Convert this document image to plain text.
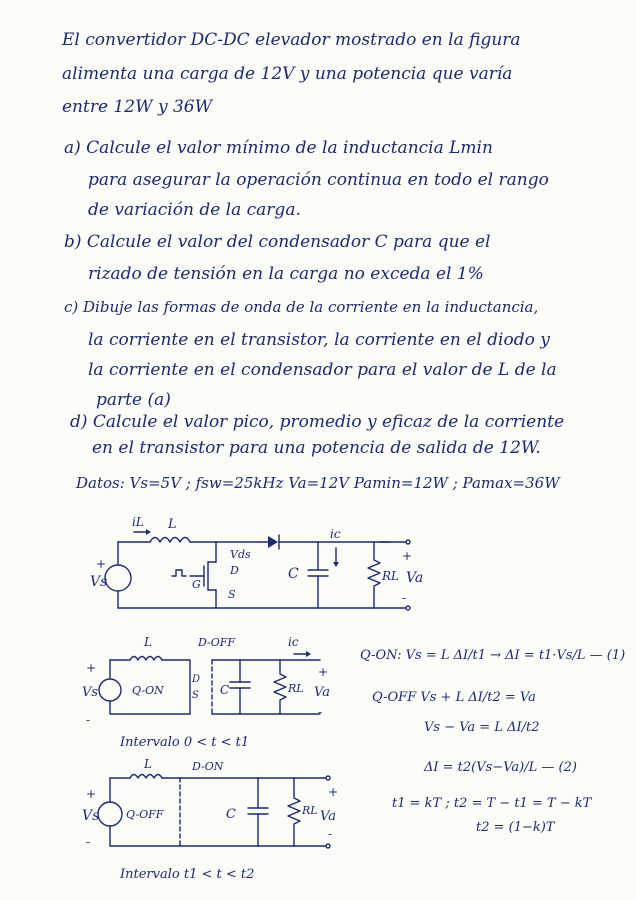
El convertidor DC-DC elevador mostrado en la figura
alimenta una carga de 12V y una potencia que varía
entre 12W y 36W
a) Calcule el valor mínimo de la inductancia Lmin
para asegurar la operación continua en todo el rango
de variación de la carga.
b) Calcule el valor del condensador C para que el
rizado de tensión en la carga no exceda el 1%
c) Dibuje las formas de onda de la corriente en la inductancia,
la corriente en el transistor, la corriente en el diodo y
la corriente en el condensador para el valor de L de la
parte (a)
d) Calcule el valor pico, promedio y eficaz de la corriente
en el transistor para una potencia de salida de 12W.
Datos: Vs=5V ; fsw=25kHz Va=12V Pamin=12W ; Pamax=36W
iL L
+
Vs
Vds
D
G
S
ic
C	RL
+
Va
-
L	D-OFF	ic
+
Vs
-
Q-ON
D
S C	RL
+
Va
-
Intervalo 0 < t < t1
L	D-ON
+
Vs
-
Q-OFF	C	RL
+
Va
-
Intervalo t1 < t < t2
Q-ON: Vs = L ΔI/t1 → ΔI = t1·Vs/L — (1)
Q-OFF Vs + L ΔI/t2 = Va
Vs − Va = L ΔI/t2
ΔI = t2(Vs−Va)/L — (2)
t1 = kT ; t2 = T − t1 = T − kT
t2 = (1−k)T
